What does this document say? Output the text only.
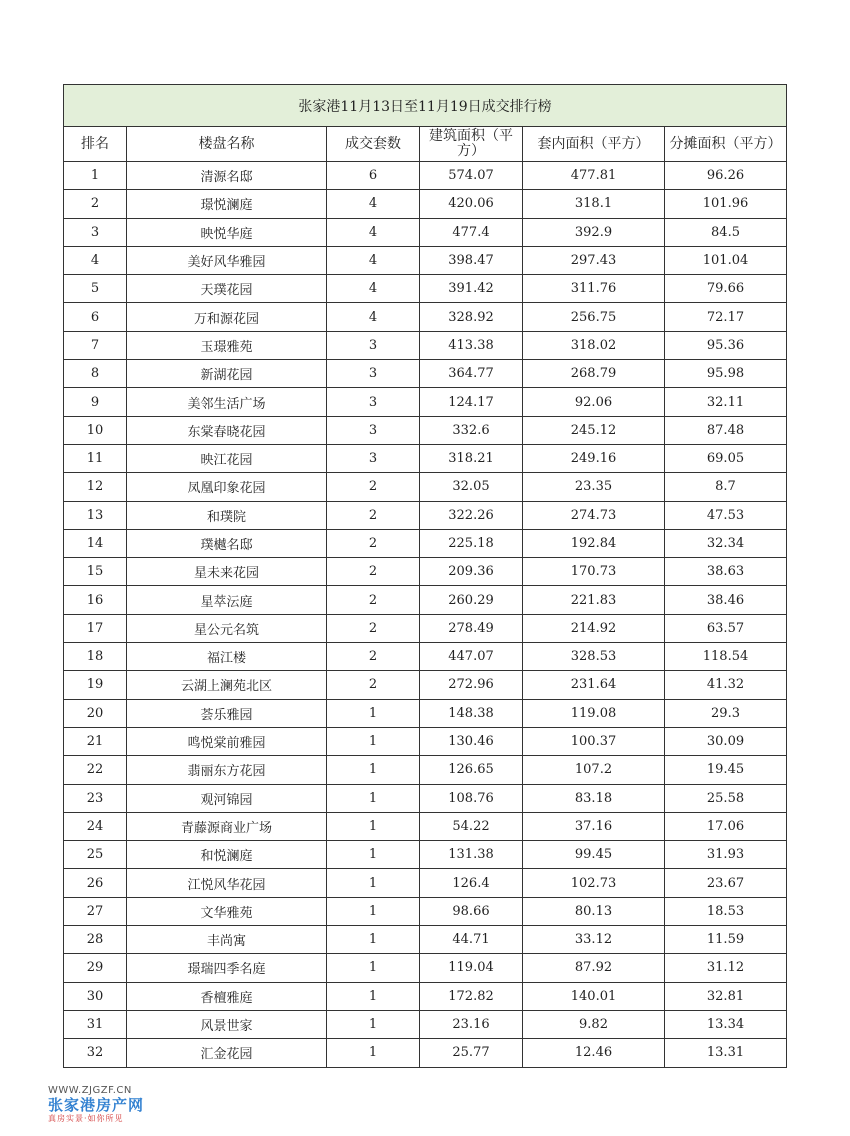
张家港11月13日至11月19日成交排行榜					
排名	楼盘名称	成交套数	建筑面积（平方）	套内面积（平方）	分摊面积（平方）
1	清源名邸	6	574.07	477.81	96.26
2	璟悦澜庭	4	420.06	318.1	101.96
3	映悦华庭	4	477.4	392.9	84.5
4	美好风华雅园	4	398.47	297.43	101.04
5	天璞花园	4	391.42	311.76	79.66
6	万和源花园	4	328.92	256.75	72.17
7	玉璟雅苑	3	413.38	318.02	95.36
8	新湖花园	3	364.77	268.79	95.98
9	美邻生活广场	3	124.17	92.06	32.11
10	东棠春晓花园	3	332.6	245.12	87.48
11	映江花园	3	318.21	249.16	69.05
12	凤凰印象花园	2	32.05	23.35	8.7
13	和璞院	2	322.26	274.73	47.53
14	璞樾名邸	2	225.18	192.84	32.34
15	星未来花园	2	209.36	170.73	38.63
16	星萃沄庭	2	260.29	221.83	38.46
17	星公元名筑	2	278.49	214.92	63.57
18	福江楼	2	447.07	328.53	118.54
19	云湖上澜苑北区	2	272.96	231.64	41.32
20	荟乐雅园	1	148.38	119.08	29.3
21	鸣悦棠前雅园	1	130.46	100.37	30.09
22	翡丽东方花园	1	126.65	107.2	19.45
23	观河锦园	1	108.76	83.18	25.58
24	青藤源商业广场	1	54.22	37.16	17.06
25	和悦澜庭	1	131.38	99.45	31.93
26	江悦风华花园	1	126.4	102.73	23.67
27	文华雅苑	1	98.66	80.13	18.53
28	丰尚寓	1	44.71	33.12	11.59
29	璟瑞四季名庭	1	119.04	87.92	31.12
30	香檀雅庭	1	172.82	140.01	32.81
31	风景世家	1	23.16	9.82	13.34
32	汇金花园	1	25.77	12.46	13.31
WWW.ZJGZF.CN
张家港房产网
真房实景·如你所见
